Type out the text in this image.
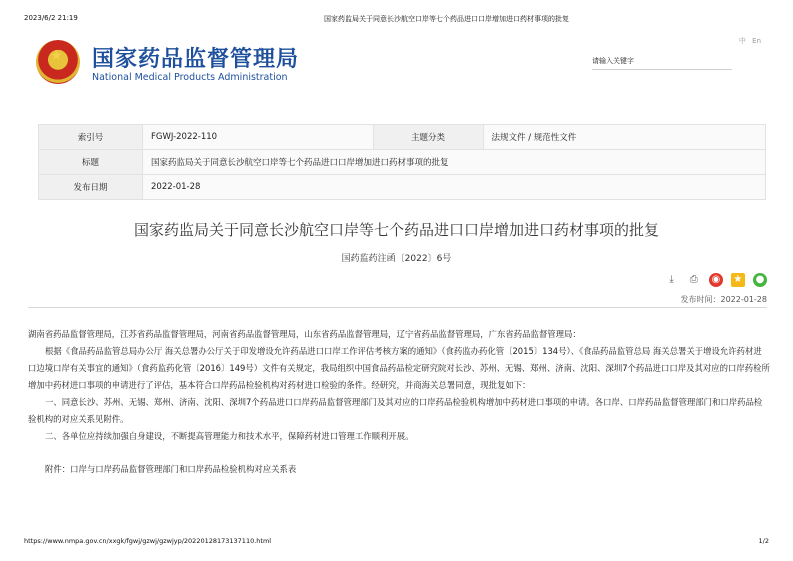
2023/6/2 21:19	国家药监局关于同意长沙航空口岸等七个药品进口口岸增加进口药材事项的批复
★ 国家药品监督管理局
National Medical Products Administration
中 En
请输入关键字
索引号	FGWJ-2022-110	主题分类	法规文件 / 规范性文件
标题	国家药监局关于同意长沙航空口岸等七个药品进口口岸增加进口药材事项的批复		
发布日期	2022-01-28		
国家药监局关于同意长沙航空口岸等七个药品进口口岸增加进口药材事项的批复
国药监药注函〔2022〕6号
⤓ ⎙ ◉ ★ ●
发布时间：2022-01-28

湖南省药品监督管理局，江苏省药品监督管理局，河南省药品监督管理局，山东省药品监督管理局，辽宁省药品监督管理局，广东省药品监督管理局：

根据《食品药品监管总局办公厅 海关总署办公厅关于印发增设允许药品进口口岸工作评估考核方案的通知》（食药监办药化管〔2015〕134号）、《食品药品监管总局 海关总署关于增设允许药材进口边境口岸有关事宜的通知》（食药监药化管〔2016〕149号）文件有关规定，我局组织中国食品药品检定研究院对长沙、苏州、无锡、郑州、济南、沈阳、深圳7个药品进口口岸及其对应的口岸药检所增加中药材进口事项的申请进行了评估，基本符合口岸药品检验机构对药材进口检验的条件。经研究，并商海关总署同意，现批复如下：

一、同意长沙、苏州、无锡、郑州、济南、沈阳、深圳7个药品进口口岸药品监督管理部门及其对应的口岸药品检验机构增加中药材进口事项的申请。各口岸、口岸药品监督管理部门和口岸药品检验机构的对应关系见附件。

二、各单位应持续加强自身建设，不断提高管理能力和技术水平，保障药材进口管理工作顺利开展。

附件：口岸与口岸药品监督管理部门和口岸药品检验机构对应关系表

https://www.nmpa.gov.cn/xxgk/fgwj/gzwj/gzwjyp/20220128173137110.html	1/2
